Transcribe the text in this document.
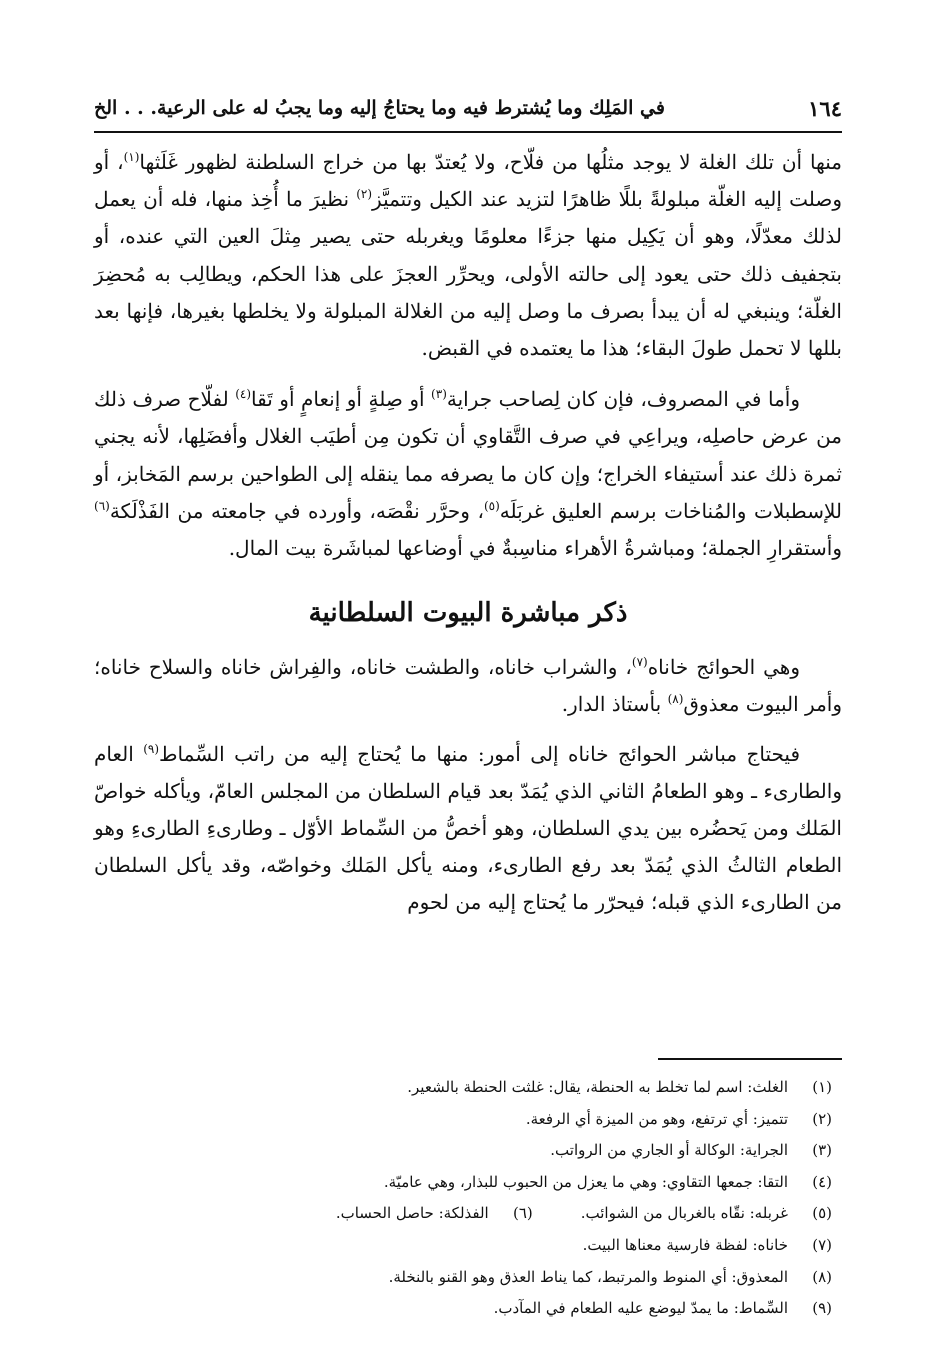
١٦٤
في المَلِك وما يُشترط فيه وما يحتاجُ إليه وما يجبُ له على الرعية. . . الخ

منها أن تلك الغلة لا يوجد مثلُها من فلّاح، ولا يُعتدّ بها من خراج السلطنة لظهور غَلَثها$^{(١)}$، أو وصلت إليه الغلّة مبلولةً بللًا ظاهرًا لتزيد عند الكيل وتتميَّز$^{(٢)}$ نظيرَ ما أُخِذ منها، فله أن يعمل لذلك معدّلًا، وهو أن يَكِيل منها جزءًا معلومًا ويغربله حتى يصير مِثلَ العين التي عنده، أو بتجفيف ذلك حتى يعود إلى حالته الأولى، ويحرِّر العجزَ على هذا الحكم، ويطالِب به مُحضِرَ الغلّة؛ وينبغي له أن يبدأ بصرف ما وصل إليه من الغلالة المبلولة ولا يخلطها بغيرها، فإنها بعد بللها لا تحمل طولَ البقاء؛ هذا ما يعتمده في القبض.

وأما في المصروف، فإن كان لِصاحب جراية$^{(٣)}$ أو صِلةٍ أو إنعامٍ أو تَقا$^{(٤)}$ لفلّاح صرف ذلك من عرض حاصلِه، ويراعِي في صرف التَّقاوي أن تكون مِن أطيَب الغلال وأفضَلِها، لأنه يجني ثمرة ذلك عند أستيفاء الخراج؛ وإن كان ما يصرفه مما ينقله إلى الطواحين برسم المَخابز، أو للإسطبلات والمُناخات برسم العليق غربَلَه$^{(٥)}$، وحرَّر نقْصَه، وأورده في جامعته من الفَذْلَكة$^{(٦)}$ وأستقرارِ الجملة؛ ومباشرةُ الأهراء مناسِبةٌ في أوضاعها لمباشَرة بيت المال.

ذكر مباشرة البيوت السلطانية

وهي الحوائج خاناه$^{(٧)}$، والشراب خاناه، والطشت خاناه، والفِراش خاناه والسلاح خاناه؛ وأمر البيوت معذوق$^{(٨)}$ بأستاذ الدار.

فيحتاج مباشر الحوائج خاناه إلى أمور: منها ما يُحتاج إليه من راتب السِّماط$^{(٩)}$ العام والطارىء ـ وهو الطعامُ الثاني الذي يُمَدّ بعد قيام السلطان من المجلس العامّ، ويأكله خواصّ المَلك ومن يَحضُره بين يدي السلطان، وهو أخصُّ من السِّماط الأوّل ـ وطارىءِ الطارىءِ وهو الطعام الثالثُ الذي يُمَدّ بعد رفع الطارىء، ومنه يأكل المَلك وخواصّه، وقد يأكل السلطان من الطارىء الذي قبله؛ فيحرّر ما يُحتاج إليه من لحوم

(١)الغلث: اسم لما تخلط به الحنطة، يقال: غلثت الحنطة بالشعير.
(٢)تتميز: أي ترتفع، وهو من الميزة أي الرفعة.
(٣)الجراية: الوكالة أو الجاري من الرواتب.
(٤)التقا: جمعها التقاوي: وهي ما يعزل من الحبوب للبذار، وهي عاميّة.
(٥)غربله: نقّاه بالغربال من الشوائب.(٦)الفذلكة: حاصل الحساب.
(٧)خاناه: لفظة فارسية معناها البيت.
(٨)المعذوق: أي المنوط والمرتبط، كما يناط العذق وهو القنو بالنخلة.
(٩)السِّماط: ما يمدّ ليوضع عليه الطعام في المآدب.
